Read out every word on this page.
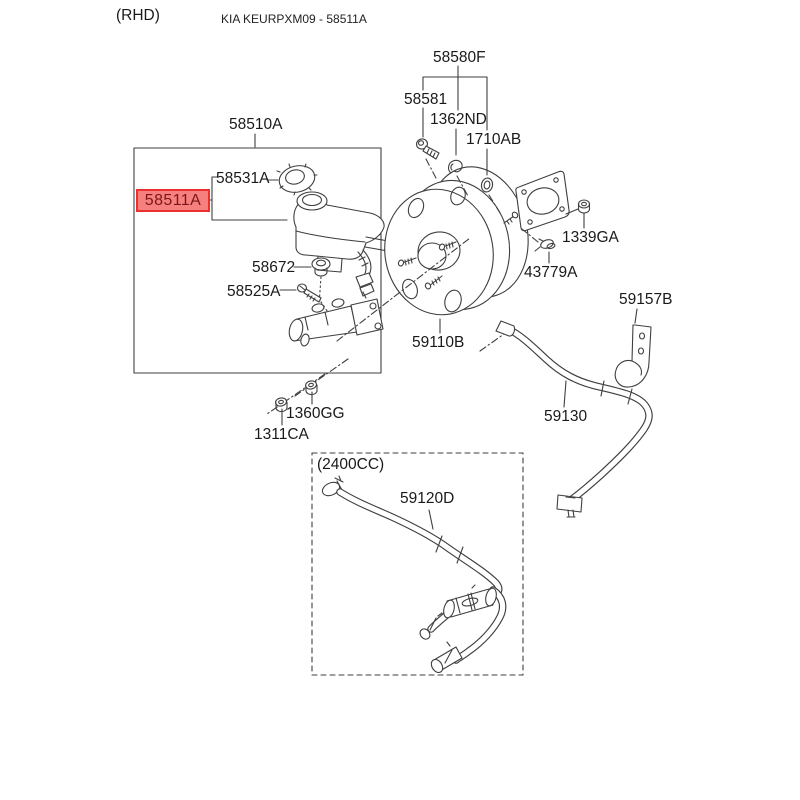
(RHD)	KIA KEURPXM09 - 58511A
58580F
58581
1362ND
1710AB
58510A
58531A
58511A
58672
58525A
59110B
1339GA
43779A
59157B
59130
1360GG
1311CA
(2400CC)
59120D
